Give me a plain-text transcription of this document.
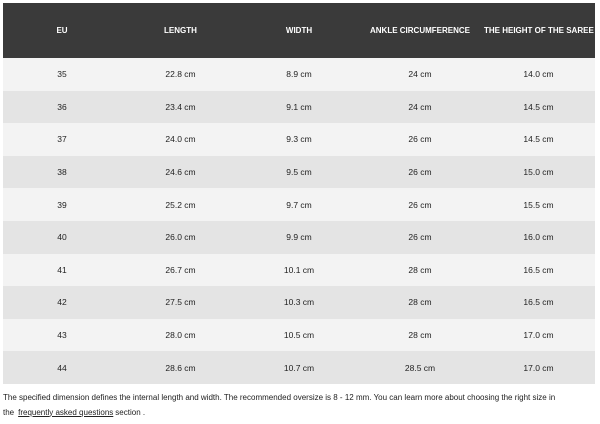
EU	LENGTH	WIDTH	ANKLE CIRCUMFERENCE	THE HEIGHT OF THE SAREE
35	22.8 cm	8.9 cm	24 cm	14.0 cm
36	23.4 cm	9.1 cm	24 cm	14.5 cm
37	24.0 cm	9.3 cm	26 cm	14.5 cm
38	24.6 cm	9.5 cm	26 cm	15.0 cm
39	25.2 cm	9.7 cm	26 cm	15.5 cm
40	26.0 cm	9.9 cm	26 cm	16.0 cm
41	26.7 cm	10.1 cm	28 cm	16.5 cm
42	27.5 cm	10.3 cm	28 cm	16.5 cm
43	28.0 cm	10.5 cm	28 cm	17.0 cm
44	28.6 cm	10.7 cm	28.5 cm	17.0 cm
The specified dimension defines the internal length and width. The recommended oversize is 8 - 12 mm. You can learn more about choosing the right size in
the frequently asked questions section .
